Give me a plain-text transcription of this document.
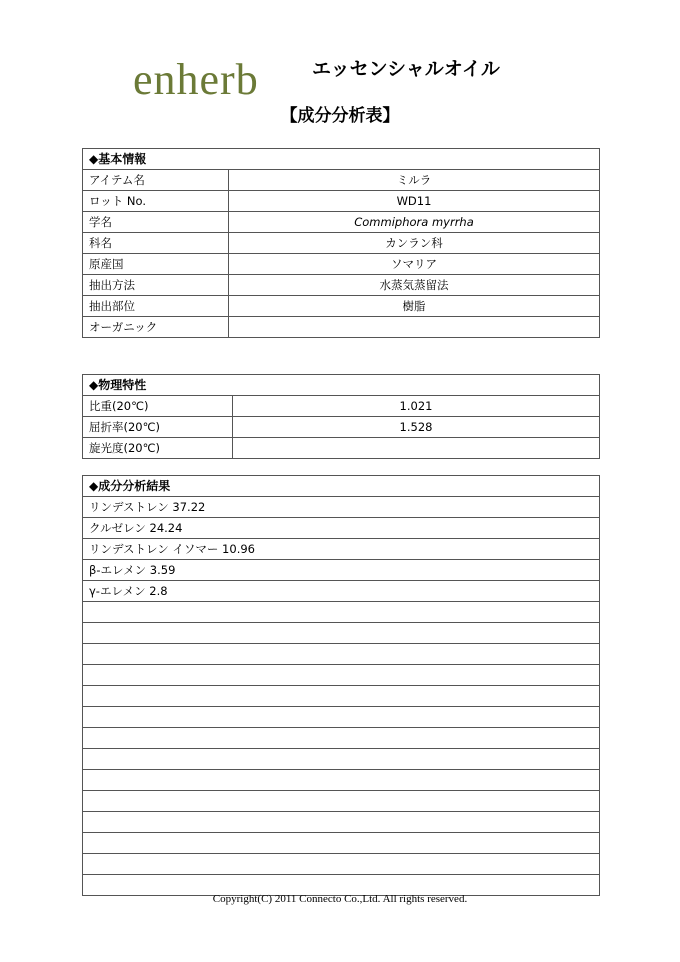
enherb	エッセンシャルオイル
【成分分析表】
◆基本情報	
アイテム名	ミルラ
ロット No.	WD11
学名	Commiphora myrrha
科名	カンラン科
原産国	ソマリア
抽出方法	水蒸気蒸留法
抽出部位	樹脂
オーガニック	
◆物理特性	
比重(20℃)	1.021
屈折率(20℃)	1.528
旋光度(20℃)	
◆成分分析結果
リンデストレン 37.22
クルゼレン 24.24
リンデストレン イソマー 10.96
β-エレメン 3.59
γ-エレメン 2.8

Copyright(C) 2011 Connecto Co.,Ltd. All rights reserved.
